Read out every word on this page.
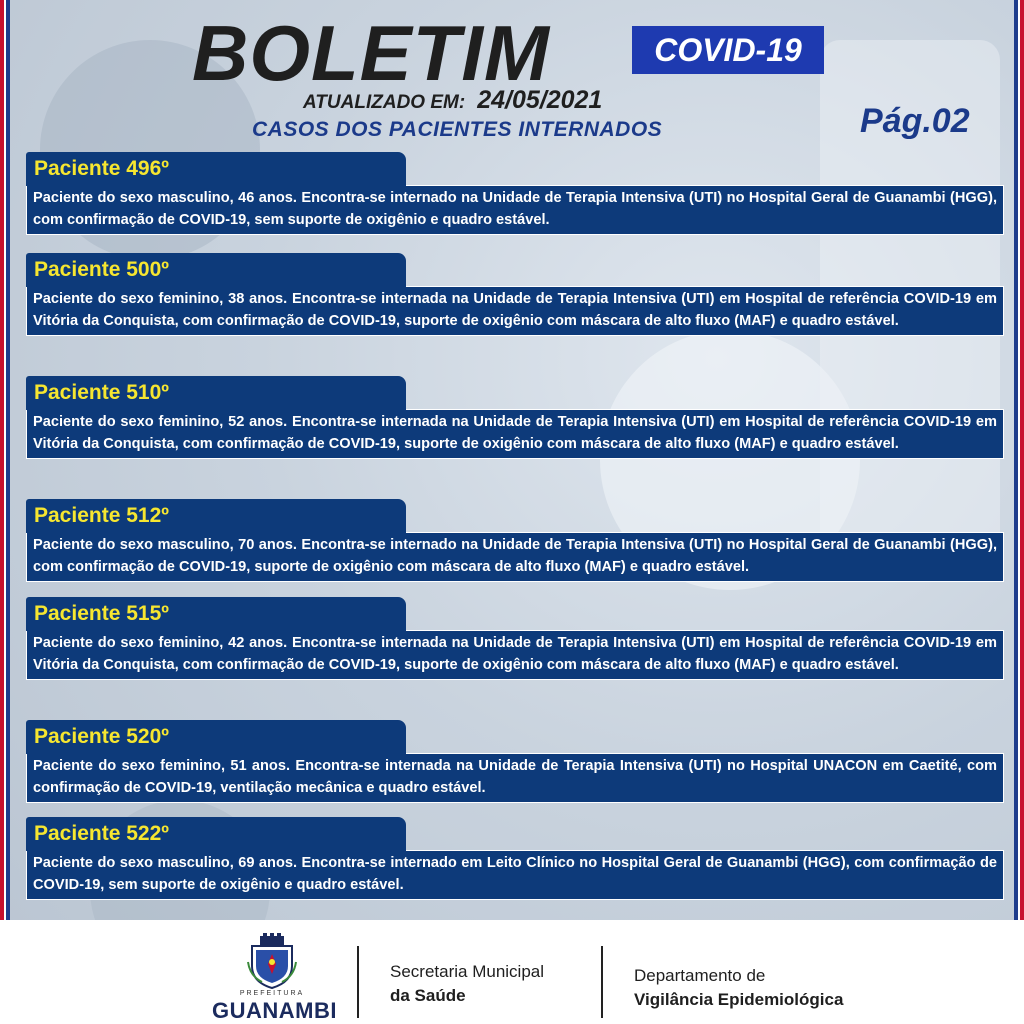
BOLETIM	COVID-19
ATUALIZADO EM: 24/05/2021
CASOS DOS PACIENTES INTERNADOS	Pág.02
Paciente 496º
Paciente do sexo masculino, 46 anos. Encontra-se internado na Unidade de Terapia Intensiva (UTI) no Hospital Geral de Guanambi (HGG), com confirmação de COVID-19, sem suporte de oxigênio e quadro estável.
Paciente 500º
Paciente do sexo feminino, 38 anos. Encontra-se internada na Unidade de Terapia Intensiva (UTI) em Hospital de referência COVID-19 em Vitória da Conquista, com confirmação de COVID-19, suporte de oxigênio com máscara de alto fluxo (MAF) e quadro estável.
Paciente 510º
Paciente do sexo feminino, 52 anos. Encontra-se internada na Unidade de Terapia Intensiva (UTI) em Hospital de referência COVID-19 em Vitória da Conquista, com confirmação de COVID-19, suporte de oxigênio com máscara de alto fluxo (MAF) e quadro estável.
Paciente 512º
Paciente do sexo masculino, 70 anos. Encontra-se internado na Unidade de Terapia Intensiva (UTI) no Hospital Geral de Guanambi (HGG), com confirmação de COVID-19, suporte de oxigênio com máscara de alto fluxo (MAF) e quadro estável.
Paciente 515º
Paciente do sexo feminino, 42 anos. Encontra-se internada na Unidade de Terapia Intensiva (UTI) em Hospital de referência COVID-19 em Vitória da Conquista, com confirmação de COVID-19, suporte de oxigênio com máscara de alto fluxo (MAF) e quadro estável.
Paciente 520º
Paciente do sexo feminino, 51 anos. Encontra-se internada na Unidade de Terapia Intensiva (UTI) no Hospital UNACON em Caetité, com confirmação de COVID-19, ventilação mecânica e quadro estável.
Paciente 522º
Paciente do sexo masculino, 69 anos. Encontra-se internado em Leito Clínico no Hospital Geral de Guanambi (HGG), com confirmação de COVID-19, sem suporte de oxigênio e quadro estável.
PREFEITURA
GUANAMBI
Secretaria Municipal
da Saúde
Departamento de
Vigilância Epidemiológica
